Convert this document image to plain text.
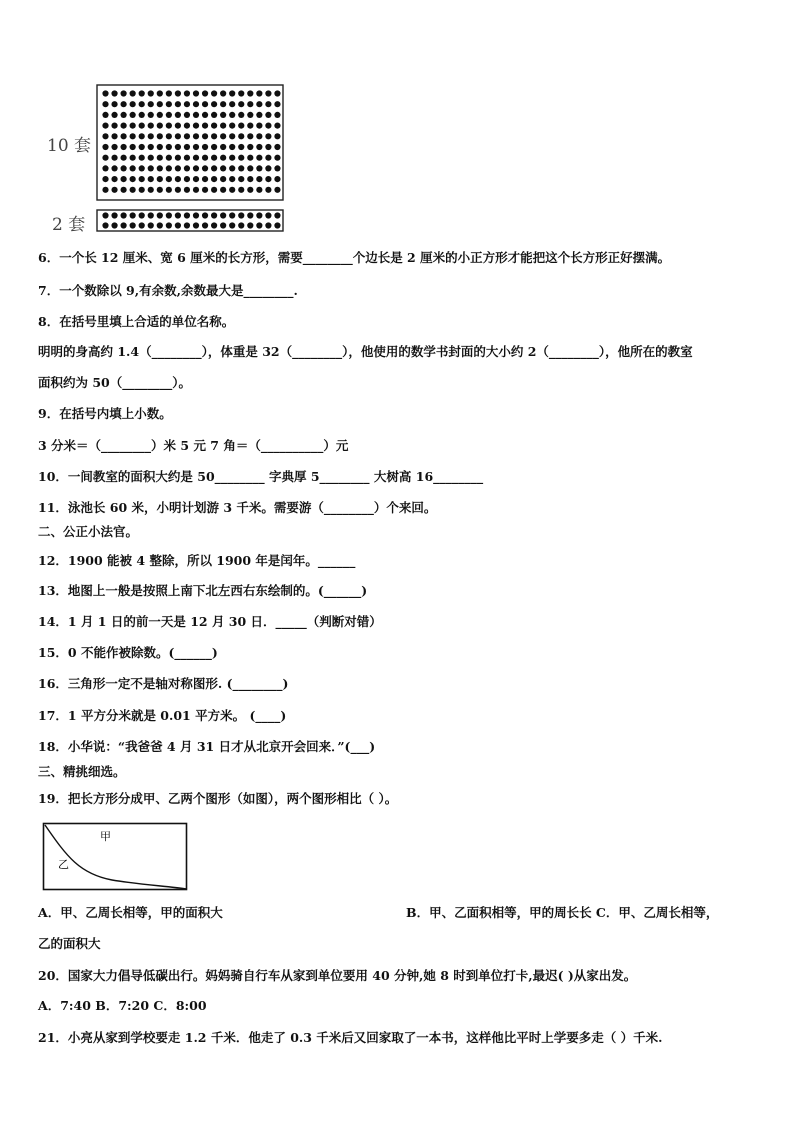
10 套
2 套
6．一个长 12 厘米、宽 6 厘米的长方形，需要________个边长是 2 厘米的小正方形才能把这个长方形正好摆满。
7．一个数除以 9,有余数,余数最大是________.
8．在括号里填上合适的单位名称。
明明的身高约 1.4（________），体重是 32（________），他使用的数学书封面的大小约 2（________），他所在的教室
面积约为 50（________）。
9．在括号内填上小数。
3 分米＝（________）米 5 元 7 角＝（__________）元
10．一间教室的面积大约是 50________ 字典厚 5________ 大树高 16________
11．泳池长 60 米，小明计划游 3 千米。需要游（________）个来回。
二、公正小法官。
12．1900 能被 4 整除，所以 1900 年是闰年。______
13．地图上一般是按照上南下北左西右东绘制的。(______)
14．1 月 1 日的前一天是 12 月 30 日．_____（判断对错）
15．0 不能作被除数。(______)
16．三角形一定不是轴对称图形. (________)
17．1 平方分米就是 0.01 平方米。 (____)
18．小华说：“我爸爸 4 月 31 日才从北京开会回来．”(___)
三、精挑细选。
19．把长方形分成甲、乙两个图形（如图），两个图形相比（ ）。
甲
乙
A．甲、乙周长相等，甲的面积大	B．甲、乙面积相等，甲的周长长 C．甲、乙周长相等，
乙的面积大
20．国家大力倡导低碳出行。妈妈骑自行车从家到单位要用 40 分钟,她 8 时到单位打卡,最迟( )从家出发。
A．7:40 B．7:20 C．8:00
21．小亮从家到学校要走 1.2 千米．他走了 0.3 千米后又回家取了一本书，这样他比平时上学要多走（ ）千米.
